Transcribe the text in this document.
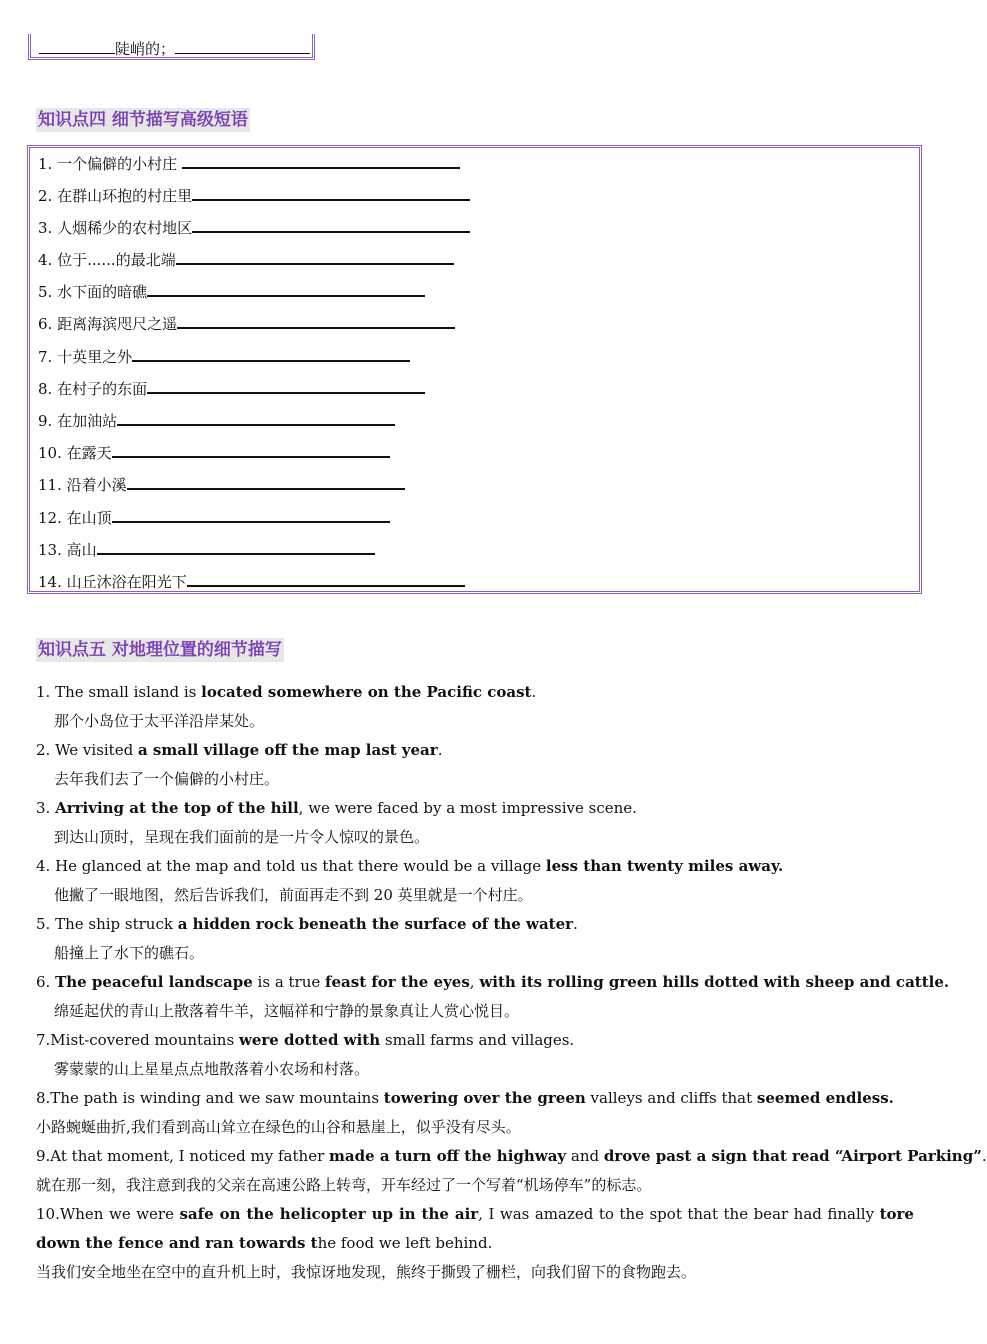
陡峭的；
知识点四 细节描写高级短语
1. 一个偏僻的小村庄
2. 在群山环抱的村庄里
3. 人烟稀少的农村地区
4. 位于......的最北端
5. 水下面的暗礁
6. 距离海滨咫尺之遥
7. 十英里之外
8. 在村子的东面
9. 在加油站
10. 在露天
11. 沿着小溪
12. 在山顶
13. 高山
14. 山丘沐浴在阳光下
知识点五 对地理位置的细节描写
1. The small island is located somewhere on the Pacific coast.
那个小岛位于太平洋沿岸某处。
2. We visited a small village off the map last year.
去年我们去了一个偏僻的小村庄。
3. Arriving at the top of the hill, we were faced by a most impressive scene.
到达山顶时，呈现在我们面前的是一片令人惊叹的景色。
4. He glanced at the map and told us that there would be a village less than twenty miles away.
他撇了一眼地图，然后告诉我们，前面再走不到 20 英里就是一个村庄。
5. The ship struck a hidden rock beneath the surface of the water.
船撞上了水下的礁石。
6. The peaceful landscape is a true feast for the eyes, with its rolling green hills dotted with sheep and cattle.
绵延起伏的青山上散落着牛羊，这幅祥和宁静的景象真让人赏心悦目。
7.Mist-covered mountains were dotted with small farms and villages.
雾蒙蒙的山上星星点点地散落着小农场和村落。
8.The path is winding and we saw mountains towering over the green valleys and cliffs that seemed endless.
小路蜿蜒曲折,我们看到高山耸立在绿色的山谷和悬崖上，似乎没有尽头。
9.At that moment, I noticed my father made a turn off the highway and drove past a sign that read “Airport Parking”.
就在那一刻，我注意到我的父亲在高速公路上转弯，开车经过了一个写着“机场停车”的标志。
10.When we were safe on the helicopter up in the air, I was amazed to the spot that the bear had finally tore down the fence and ran towards the food we left behind.
当我们安全地坐在空中的直升机上时，我惊讶地发现，熊终于撕毁了栅栏，向我们留下的食物跑去。
